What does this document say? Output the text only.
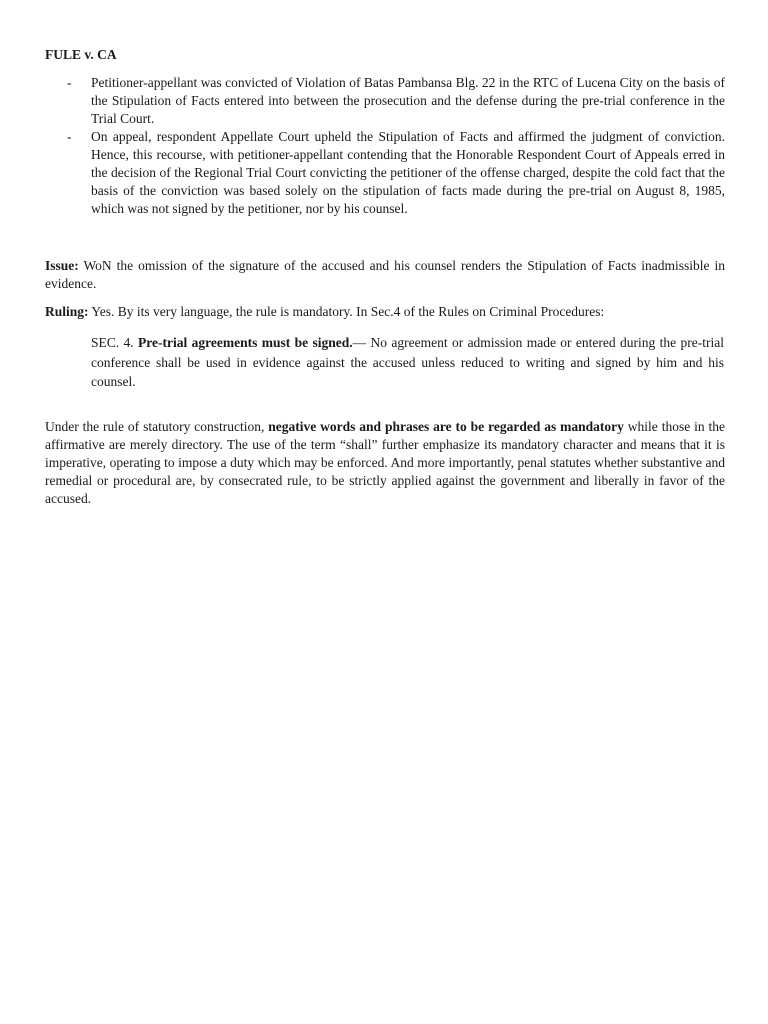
FULE v. CA
- Petitioner-appellant was convicted of Violation of Batas Pambansa Blg. 22 in the RTC of Lucena City on the basis of the Stipulation of Facts entered into between the prosecution and the defense during the pre-trial conference in the Trial Court.
- On appeal, respondent Appellate Court upheld the Stipulation of Facts and affirmed the judgment of conviction. Hence, this recourse, with petitioner-appellant contending that the Honorable Respondent Court of Appeals erred in the decision of the Regional Trial Court convicting the petitioner of the offense charged, despite the cold fact that the basis of the conviction was based solely on the stipulation of facts made during the pre-trial on August 8, 1985, which was not signed by the petitioner, nor by his counsel.
Issue: WoN the omission of the signature of the accused and his counsel renders the Stipulation of Facts inadmissible in evidence.
Ruling: Yes. By its very language, the rule is mandatory. In Sec.4 of the Rules on Criminal Procedures:
SEC. 4. Pre-trial agreements must be signed.— No agreement or admission made or entered during the pre-trial conference shall be used in evidence against the accused unless reduced to writing and signed by him and his counsel.
Under the rule of statutory construction, negative words and phrases are to be regarded as mandatory while those in the affirmative are merely directory. The use of the term “shall” further emphasize its mandatory character and means that it is imperative, operating to impose a duty which may be enforced. And more importantly, penal statutes whether substantive and remedial or procedural are, by consecrated rule, to be strictly applied against the government and liberally in favor of the accused.
